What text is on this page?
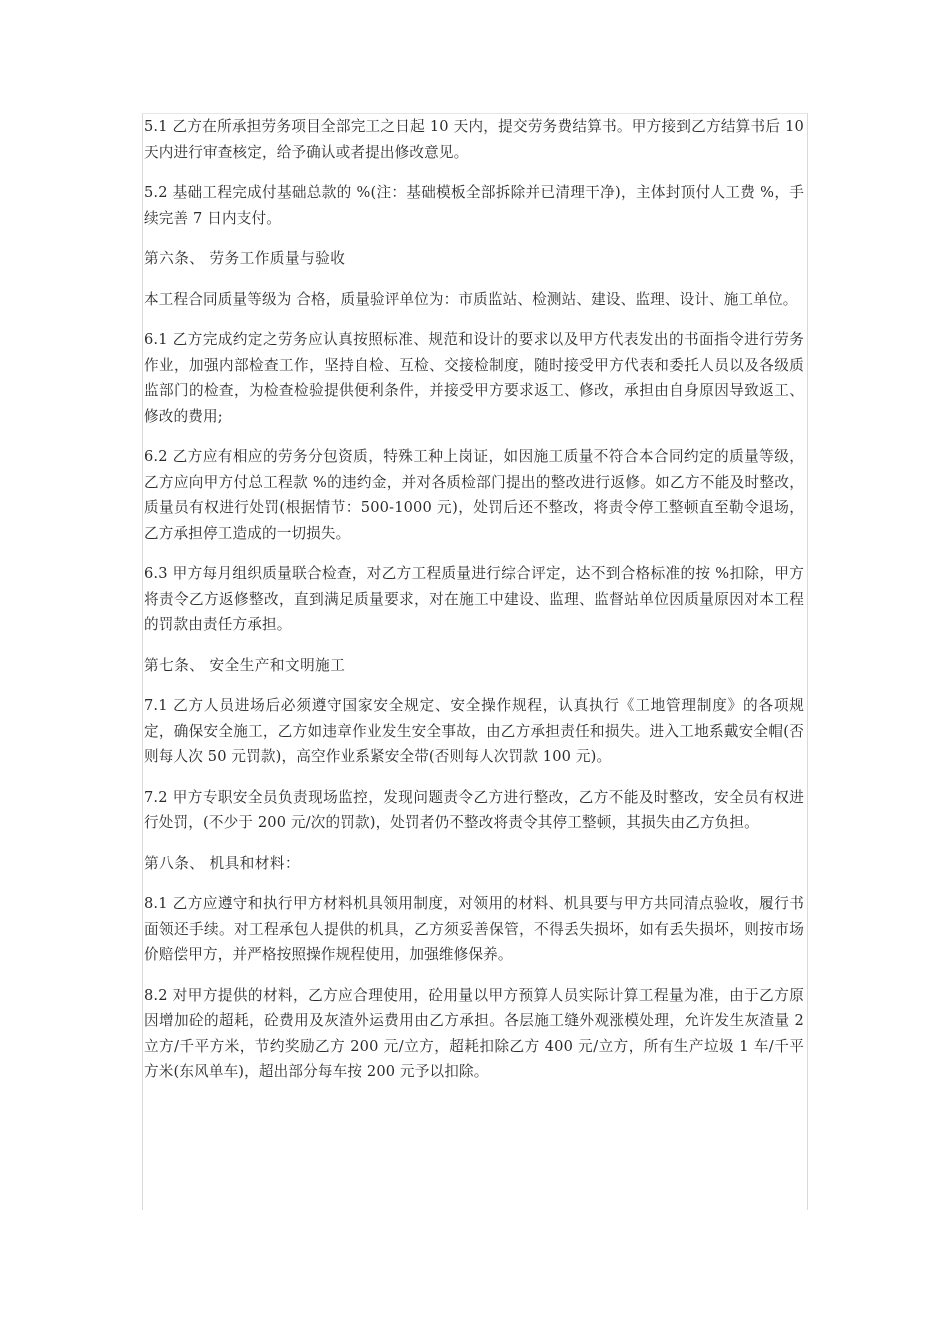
5.1 乙方在所承担劳务项目全部完工之日起 10 天内，提交劳务费结算书。甲方接到乙方结算书后 10 天内进行审查核定，给予确认或者提出修改意见。

5.2 基础工程完成付基础总款的 %(注：基础模板全部拆除并已清理干净)，主体封顶付人工费 %，手续完善 7 日内支付。

第六条、 劳务工作质量与验收

本工程合同质量等级为 合格，质量验评单位为：市质监站、检测站、建设、监理、设计、施工单位。

6.1 乙方完成约定之劳务应认真按照标准、规范和设计的要求以及甲方代表发出的书面指令进行劳务作业，加强内部检查工作，坚持自检、互检、交接检制度，随时接受甲方代表和委托人员以及各级质监部门的检查，为检查检验提供便利条件，并接受甲方要求返工、修改，承担由自身原因导致返工、修改的费用;

6.2 乙方应有相应的劳务分包资质，特殊工种上岗证，如因施工质量不符合本合同约定的质量等级，乙方应向甲方付总工程款 %的违约金，并对各质检部门提出的整改进行返修。如乙方不能及时整改，质量员有权进行处罚(根据情节：500-1000 元)，处罚后还不整改，将责令停工整顿直至勒令退场，乙方承担停工造成的一切损失。

6.3 甲方每月组织质量联合检查，对乙方工程质量进行综合评定，达不到合格标准的按 %扣除，甲方将责令乙方返修整改，直到满足质量要求，对在施工中建设、监理、监督站单位因质量原因对本工程的罚款由责任方承担。

第七条、 安全生产和文明施工

7.1 乙方人员进场后必须遵守国家安全规定、安全操作规程，认真执行《工地管理制度》的各项规定，确保安全施工，乙方如违章作业发生安全事故，由乙方承担责任和损失。进入工地系戴安全帽(否则每人次 50 元罚款)，高空作业系紧安全带(否则每人次罚款 100 元)。

7.2 甲方专职安全员负责现场监控，发现问题责令乙方进行整改，乙方不能及时整改，安全员有权进行处罚，(不少于 200 元/次的罚款)，处罚者仍不整改将责令其停工整顿，其损失由乙方负担。

第八条、 机具和材料：

8.1 乙方应遵守和执行甲方材料机具领用制度，对领用的材料、机具要与甲方共同清点验收，履行书面领还手续。对工程承包人提供的机具，乙方须妥善保管，不得丢失损坏，如有丢失损坏，则按市场价赔偿甲方，并严格按照操作规程使用，加强维修保养。

8.2 对甲方提供的材料，乙方应合理使用，砼用量以甲方预算人员实际计算工程量为准，由于乙方原因增加砼的超耗，砼费用及灰渣外运费用由乙方承担。各层施工缝外观涨模处理，允许发生灰渣量 2 立方/千平方米，节约奖励乙方 200 元/立方，超耗扣除乙方 400 元/立方，所有生产垃圾 1 车/千平方米(东风单车)，超出部分每车按 200 元予以扣除。
